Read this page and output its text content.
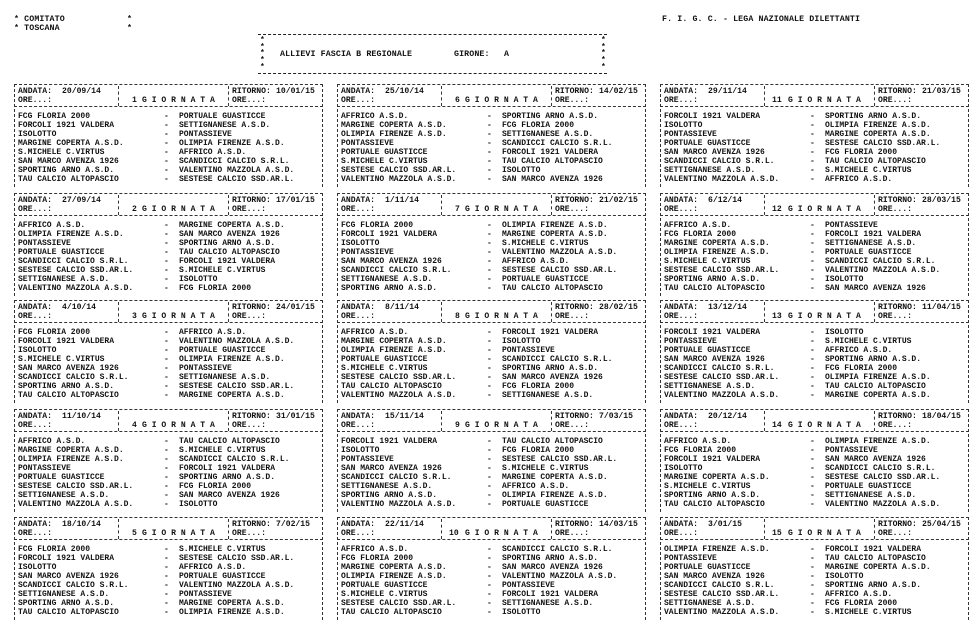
* COMITATO	*
* TOSCANA	*
F. I. G. C. - LEGA NAZIONALE DILETTANTI
*
*
*
*
*
*
*
*
*
*
ALLIEVI FASCIA B REGIONALE	GIRONE: A
ANDATA: 20/09/14	RITORNO: 10/01/15
ORE...:	ORE...:
1 G I O R N A T A
FCG FLORIA 2000	- PORTUALE GUASTICCE
FORCOLI 1921 VALDERA	- SETTIGNANESE A.S.D.
ISOLOTTO	- PONTASSIEVE
MARGINE COPERTA A.S.D.	- OLIMPIA FIRENZE A.S.D.
S.MICHELE C.VIRTUS	- AFFRICO A.S.D.
SAN MARCO AVENZA 1926	- SCANDICCI CALCIO S.R.L.
SPORTING ARNO A.S.D.	- VALENTINO MAZZOLA A.S.D.
TAU CALCIO ALTOPASCIO	- SESTESE CALCIO SSD.AR.L.
ANDATA: 27/09/14	RITORNO: 17/01/15
ORE...:	ORE...:
2 G I O R N A T A
AFFRICO A.S.D.	- MARGINE COPERTA A.S.D.
OLIMPIA FIRENZE A.S.D.	- SAN MARCO AVENZA 1926
PONTASSIEVE	- SPORTING ARNO A.S.D.
PORTUALE GUASTICCE	- TAU CALCIO ALTOPASCIO
SCANDICCI CALCIO S.R.L.	- FORCOLI 1921 VALDERA
SESTESE CALCIO SSD.AR.L.	- S.MICHELE C.VIRTUS
SETTIGNANESE A.S.D.	- ISOLOTTO
VALENTINO MAZZOLA A.S.D.	- FCG FLORIA 2000
ANDATA: 4/10/14	RITORNO: 24/01/15
ORE...:	ORE...:
3 G I O R N A T A
FCG FLORIA 2000	- AFFRICO A.S.D.
FORCOLI 1921 VALDERA	- VALENTINO MAZZOLA A.S.D.
ISOLOTTO	- PORTUALE GUASTICCE
S.MICHELE C.VIRTUS	- OLIMPIA FIRENZE A.S.D.
SAN MARCO AVENZA 1926	- PONTASSIEVE
SCANDICCI CALCIO S.R.L.	- SETTIGNANESE A.S.D.
SPORTING ARNO A.S.D.	- SESTESE CALCIO SSD.AR.L.
TAU CALCIO ALTOPASCIO	- MARGINE COPERTA A.S.D.
ANDATA: 11/10/14	RITORNO: 31/01/15
ORE...:	ORE...:
4 G I O R N A T A
AFFRICO A.S.D.	- TAU CALCIO ALTOPASCIO
MARGINE COPERTA A.S.D.	- S.MICHELE C.VIRTUS
OLIMPIA FIRENZE A.S.D.	- SCANDICCI CALCIO S.R.L.
PONTASSIEVE	- FORCOLI 1921 VALDERA
PORTUALE GUASTICCE	- SPORTING ARNO A.S.D.
SESTESE CALCIO SSD.AR.L.	- FCG FLORIA 2000
SETTIGNANESE A.S.D.	- SAN MARCO AVENZA 1926
VALENTINO MAZZOLA A.S.D.	- ISOLOTTO
ANDATA: 18/10/14	RITORNO: 7/02/15
ORE...:	ORE...:
5 G I O R N A T A
FCG FLORIA 2000	- S.MICHELE C.VIRTUS
FORCOLI 1921 VALDERA	- SESTESE CALCIO SSD.AR.L.
ISOLOTTO	- AFFRICO A.S.D.
SAN MARCO AVENZA 1926	- PORTUALE GUASTICCE
SCANDICCI CALCIO S.R.L.	- VALENTINO MAZZOLA A.S.D.
SETTIGNANESE A.S.D.	- PONTASSIEVE
SPORTING ARNO A.S.D.	- MARGINE COPERTA A.S.D.
TAU CALCIO ALTOPASCIO	- OLIMPIA FIRENZE A.S.D.
ANDATA: 25/10/14	RITORNO: 14/02/15
ORE...:	ORE...:
6 G I O R N A T A
AFFRICO A.S.D.	- SPORTING ARNO A.S.D.
MARGINE COPERTA A.S.D.	- FCG FLORIA 2000
OLIMPIA FIRENZE A.S.D.	- SETTIGNANESE A.S.D.
PONTASSIEVE	- SCANDICCI CALCIO S.R.L.
PORTUALE GUASTICCE	- FORCOLI 1921 VALDERA
S.MICHELE C.VIRTUS	- TAU CALCIO ALTOPASCIO
SESTESE CALCIO SSD.AR.L.	- ISOLOTTO
VALENTINO MAZZOLA A.S.D.	- SAN MARCO AVENZA 1926
ANDATA: 1/11/14	RITORNO: 21/02/15
ORE...:	ORE...:
7 G I O R N A T A
FCG FLORIA 2000	- OLIMPIA FIRENZE A.S.D.
FORCOLI 1921 VALDERA	- MARGINE COPERTA A.S.D.
ISOLOTTO	- S.MICHELE C.VIRTUS
PONTASSIEVE	- VALENTINO MAZZOLA A.S.D.
SAN MARCO AVENZA 1926	- AFFRICO A.S.D.
SCANDICCI CALCIO S.R.L.	- SESTESE CALCIO SSD.AR.L.
SETTIGNANESE A.S.D.	- PORTUALE GUASTICCE
SPORTING ARNO A.S.D.	- TAU CALCIO ALTOPASCIO
ANDATA: 8/11/14	RITORNO: 28/02/15
ORE...:	ORE...:
8 G I O R N A T A
AFFRICO A.S.D.	- FORCOLI 1921 VALDERA
MARGINE COPERTA A.S.D.	- ISOLOTTO
OLIMPIA FIRENZE A.S.D.	- PONTASSIEVE
PORTUALE GUASTICCE	- SCANDICCI CALCIO S.R.L.
S.MICHELE C.VIRTUS	- SPORTING ARNO A.S.D.
SESTESE CALCIO SSD.AR.L.	- SAN MARCO AVENZA 1926
TAU CALCIO ALTOPASCIO	- FCG FLORIA 2000
VALENTINO MAZZOLA A.S.D.	- SETTIGNANESE A.S.D.
ANDATA: 15/11/14	RITORNO: 7/03/15
ORE...:	ORE...:
9 G I O R N A T A
FORCOLI 1921 VALDERA	- TAU CALCIO ALTOPASCIO
ISOLOTTO	- FCG FLORIA 2000
PONTASSIEVE	- SESTESE CALCIO SSD.AR.L.
SAN MARCO AVENZA 1926	- S.MICHELE C.VIRTUS
SCANDICCI CALCIO S.R.L.	- MARGINE COPERTA A.S.D.
SETTIGNANESE A.S.D.	- AFFRICO A.S.D.
SPORTING ARNO A.S.D.	- OLIMPIA FIRENZE A.S.D.
VALENTINO MAZZOLA A.S.D.	- PORTUALE GUASTICCE
ANDATA: 22/11/14	RITORNO: 14/03/15
ORE...:	ORE...:
10 G I O R N A T A
AFFRICO A.S.D.	- SCANDICCI CALCIO S.R.L.
FCG FLORIA 2000	- SPORTING ARNO A.S.D.
MARGINE COPERTA A.S.D.	- SAN MARCO AVENZA 1926
OLIMPIA FIRENZE A.S.D.	- VALENTINO MAZZOLA A.S.D.
PORTUALE GUASTICCE	- PONTASSIEVE
S.MICHELE C.VIRTUS	- FORCOLI 1921 VALDERA
SESTESE CALCIO SSD.AR.L.	- SETTIGNANESE A.S.D.
TAU CALCIO ALTOPASCIO	- ISOLOTTO
ANDATA: 29/11/14	RITORNO: 21/03/15
ORE...:	ORE...:
11 G I O R N A T A
FORCOLI 1921 VALDERA	- SPORTING ARNO A.S.D.
ISOLOTTO	- OLIMPIA FIRENZE A.S.D.
PONTASSIEVE	- MARGINE COPERTA A.S.D.
PORTUALE GUASTICCE	- SESTESE CALCIO SSD.AR.L.
SAN MARCO AVENZA 1926	- FCG FLORIA 2000
SCANDICCI CALCIO S.R.L.	- TAU CALCIO ALTOPASCIO
SETTIGNANESE A.S.D.	- S.MICHELE C.VIRTUS
VALENTINO MAZZOLA A.S.D.	- AFFRICO A.S.D.
ANDATA: 6/12/14	RITORNO: 28/03/15
ORE...:	ORE...:
12 G I O R N A T A
AFFRICO A.S.D.	- PONTASSIEVE
FCG FLORIA 2000	- FORCOLI 1921 VALDERA
MARGINE COPERTA A.S.D.	- SETTIGNANESE A.S.D.
OLIMPIA FIRENZE A.S.D.	- PORTUALE GUASTICCE
S.MICHELE C.VIRTUS	- SCANDICCI CALCIO S.R.L.
SESTESE CALCIO SSD.AR.L.	- VALENTINO MAZZOLA A.S.D.
SPORTING ARNO A.S.D.	- ISOLOTTO
TAU CALCIO ALTOPASCIO	- SAN MARCO AVENZA 1926
ANDATA: 13/12/14	RITORNO: 11/04/15
ORE...:	ORE...:
13 G I O R N A T A
FORCOLI 1921 VALDERA	- ISOLOTTO
PONTASSIEVE	- S.MICHELE C.VIRTUS
PORTUALE GUASTICCE	- AFFRICO A.S.D.
SAN MARCO AVENZA 1926	- SPORTING ARNO A.S.D.
SCANDICCI CALCIO S.R.L.	- FCG FLORIA 2000
SESTESE CALCIO SSD.AR.L.	- OLIMPIA FIRENZE A.S.D.
SETTIGNANESE A.S.D.	- TAU CALCIO ALTOPASCIO
VALENTINO MAZZOLA A.S.D.	- MARGINE COPERTA A.S.D.
ANDATA: 20/12/14	RITORNO: 18/04/15
ORE...:	ORE...:
14 G I O R N A T A
AFFRICO A.S.D.	- OLIMPIA FIRENZE A.S.D.
FCG FLORIA 2000	- PONTASSIEVE
FORCOLI 1921 VALDERA	- SAN MARCO AVENZA 1926
ISOLOTTO	- SCANDICCI CALCIO S.R.L.
MARGINE COPERTA A.S.D.	- SESTESE CALCIO SSD.AR.L.
S.MICHELE C.VIRTUS	- PORTUALE GUASTICCE
SPORTING ARNO A.S.D.	- SETTIGNANESE A.S.D.
TAU CALCIO ALTOPASCIO	- VALENTINO MAZZOLA A.S.D.
ANDATA: 3/01/15	RITORNO: 25/04/15
ORE...:	ORE...:
15 G I O R N A T A
OLIMPIA FIRENZE A.S.D.	- FORCOLI 1921 VALDERA
PONTASSIEVE	- TAU CALCIO ALTOPASCIO
PORTUALE GUASTICCE	- MARGINE COPERTA A.S.D.
SAN MARCO AVENZA 1926	- ISOLOTTO
SCANDICCI CALCIO S.R.L.	- SPORTING ARNO A.S.D.
SESTESE CALCIO SSD.AR.L.	- AFFRICO A.S.D.
SETTIGNANESE A.S.D.	- FCG FLORIA 2000
VALENTINO MAZZOLA A.S.D.	- S.MICHELE C.VIRTUS
